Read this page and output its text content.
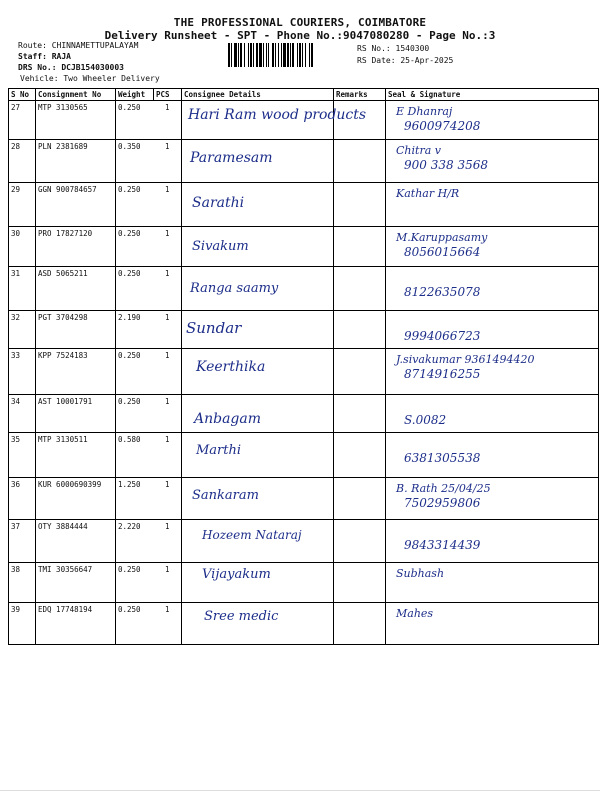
THE PROFESSIONAL COURIERS, COIMBATORE
Delivery Runsheet - SPT - Phone No.:9047080280 - Page No.:3
Route: CHINNAMETTUPALAYAM
Staff: RAJA
DRS No.: DCJB154030003
Vehicle: Two Wheeler Delivery
RS No.: 1540300
RS Date: 25-Apr-2025
S No	Consignment No	Weight	PCS	Consignee Details	Remarks	Seal & Signature
27	MTP 3130565	0.250	1	Hari Ram wood products		E Dhanraj
9600974208

28	PLN 2381689	0.350	1	Paramesam		Chitra v
900 338 3568

29	GGN 900784657	0.250	1	Sarathi		Kathar H/R

30	PRO 17827120	0.250	1	Sivakum		M.Karuppasamy
8056015664

31	ASD 5065211	0.250	1	Ranga saamy		8122635078

32	PGT 3704298	2.190	1	Sundar		9994066723

33	KPP 7524183	0.250	1	Keerthika		J.sivakumar 9361494420
8714916255

34	AST 10001791	0.250	1	Anbagam		S.0082

35	MTP 3130511	0.580	1	Marthi		6381305538

36	KUR 6000690399	1.250	1	Sankaram		B. Rath 25/04/25
7502959806

37	OTY 3884444	2.220	1	Hozeem Nataraj		9843314439

38	TMI 30356647	0.250	1	Vijayakum		Subhash

39	EDQ 17748194	0.250	1	Sree medic		Mahes
